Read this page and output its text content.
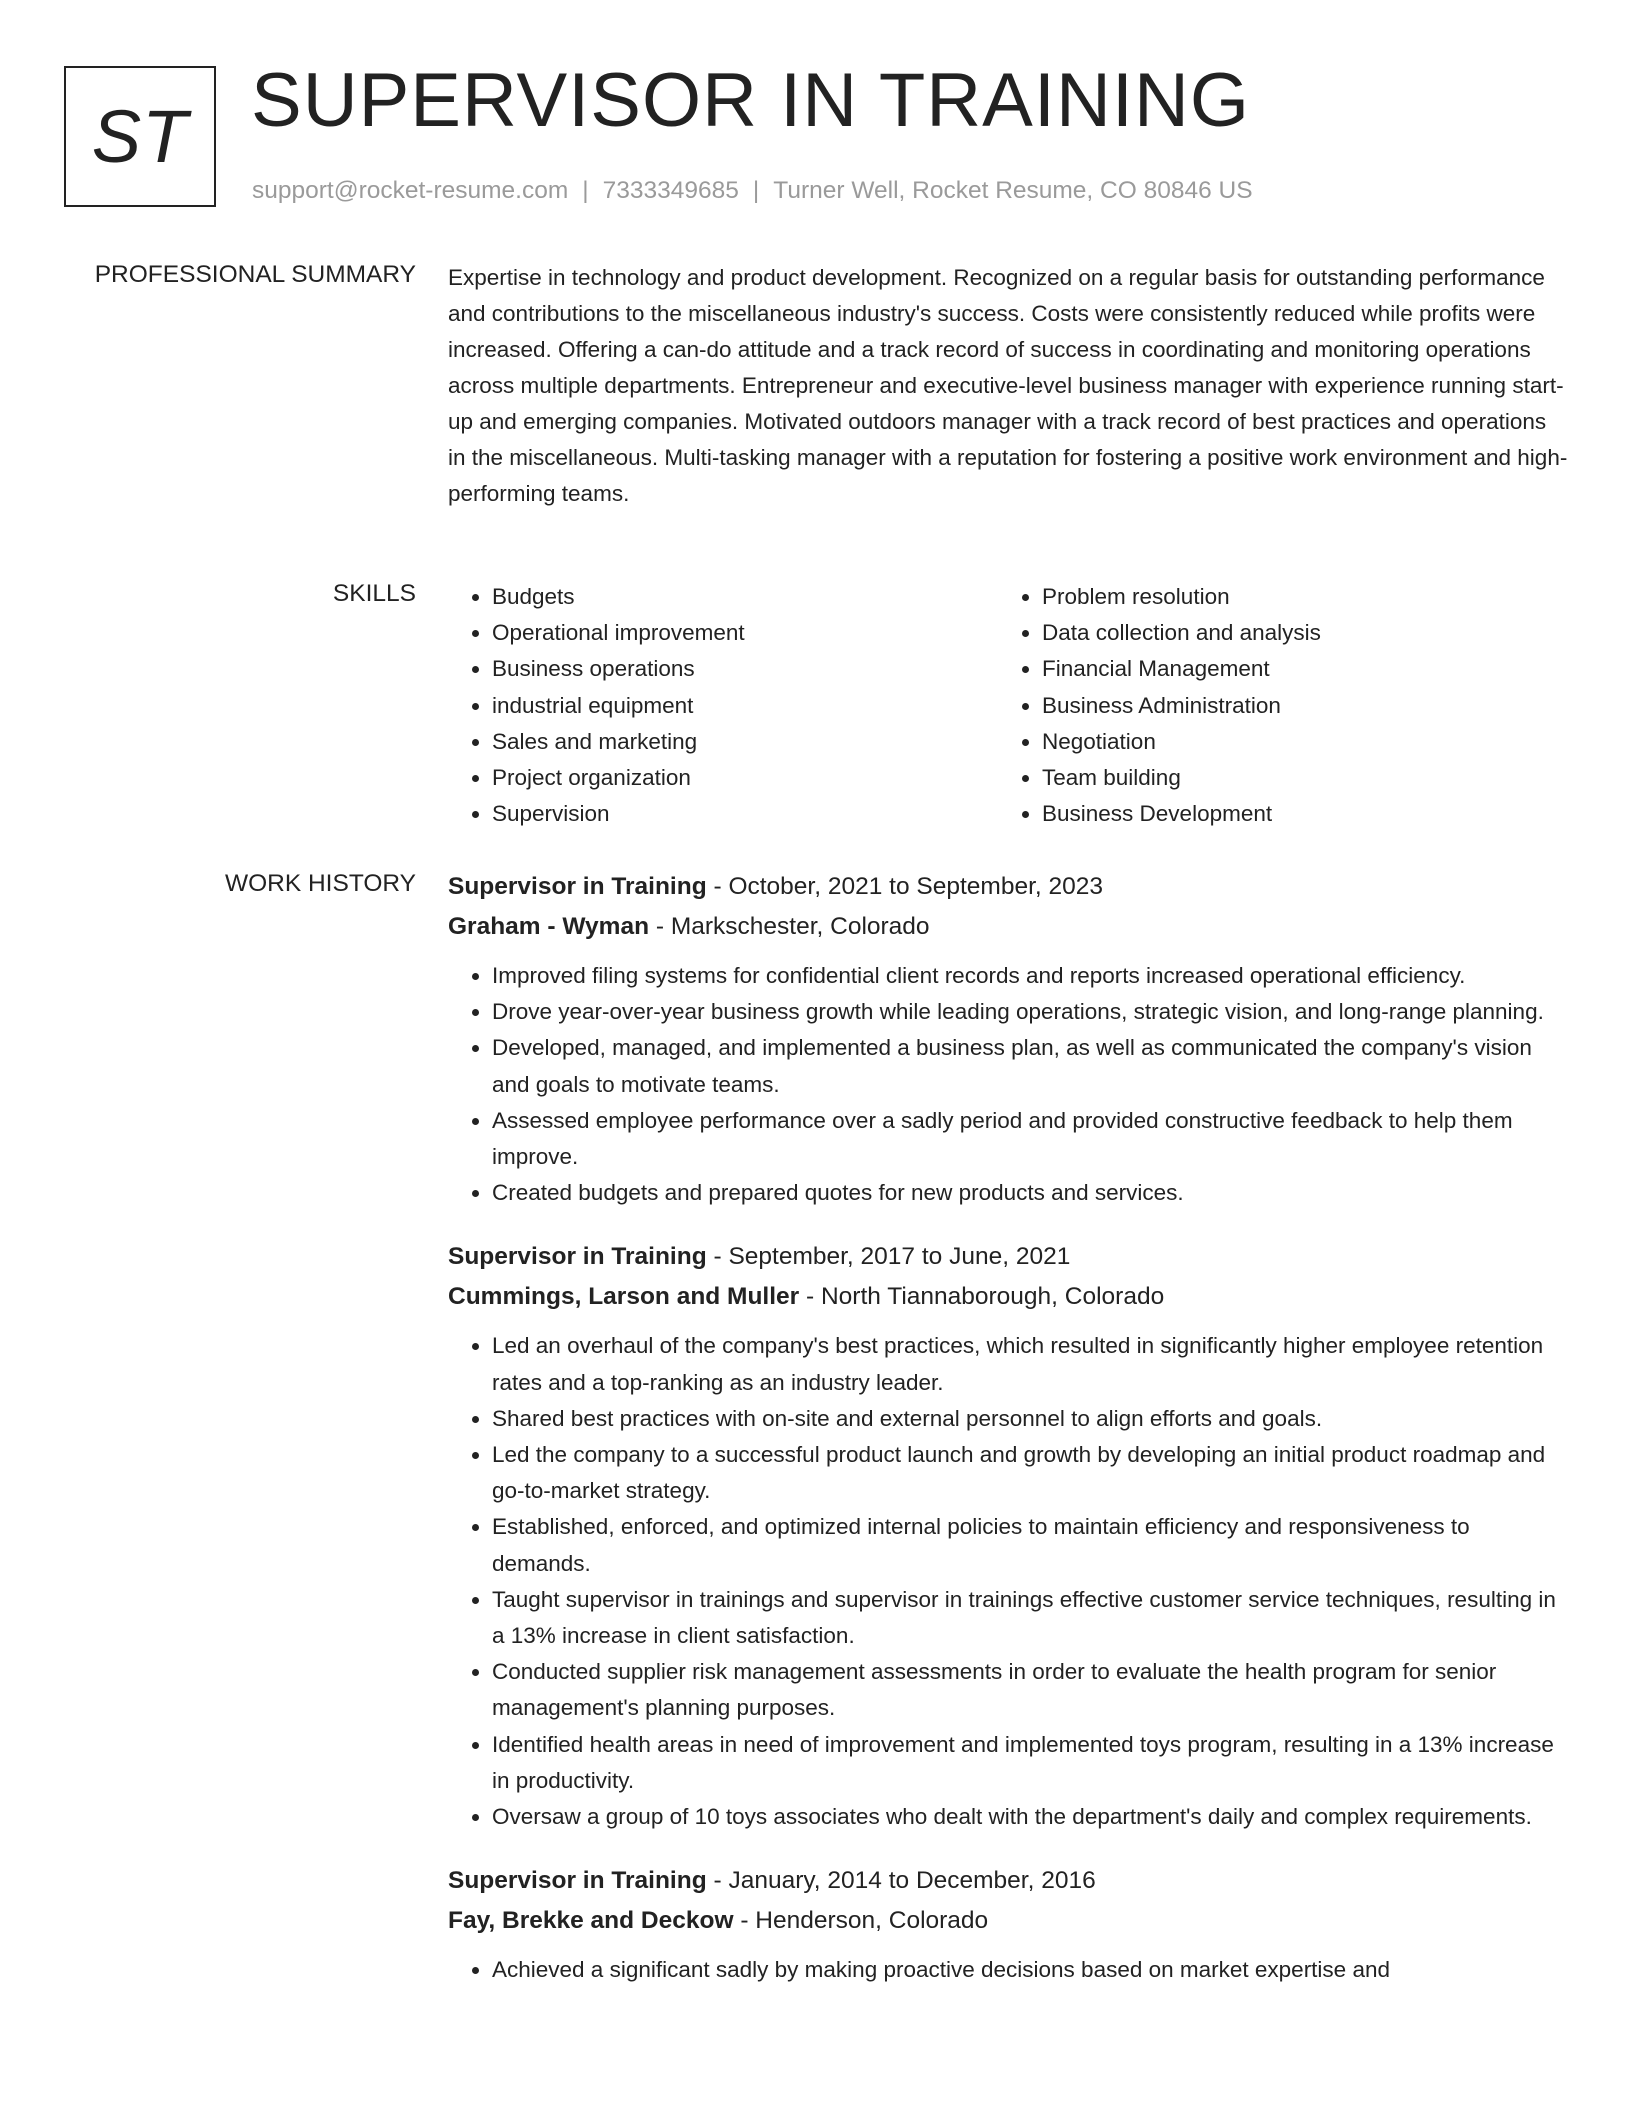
ST SUPERVISOR IN TRAINING
support@rocket-resume.com | 7333349685 | Turner Well, Rocket Resume, CO 80846 US
PROFESSIONAL SUMMARY Expertise in technology and product development. Recognized on a regular basis for outstanding performance and contributions to the miscellaneous industry's success. Costs were consistently reduced while profits were increased. Offering a can-do attitude and a track record of success in coordinating and monitoring operations across multiple departments. Entrepreneur and executive-level business manager with experience running start-up and emerging companies. Motivated outdoors manager with a track record of best practices and operations in the miscellaneous. Multi-tasking manager with a reputation for fostering a positive work environment and high-performing teams.

SKILLS
•	Budgets
• Operational improvement
• Business operations
• industrial equipment
• Sales and marketing
• Project organization
• Supervision
• Problem resolution
• Data collection and analysis
• Financial Management
• Business Administration
• Negotiation
• Team building
• Business Development
WORK HISTORY Supervisor in Training - October, 2021 to September, 2023
Graham - Wyman - Markschester, Colorado
• Improved filing systems for confidential client records and reports increased operational efficiency.
• Drove year-over-year business growth while leading operations, strategic vision, and long-range planning.
• Developed, managed, and implemented a business plan, as well as communicated the company's vision and goals to motivate teams.
• Assessed employee performance over a sadly period and provided constructive feedback to help them improve.
• Created budgets and prepared quotes for new products and services.
Supervisor in Training - September, 2017 to June, 2021
Cummings, Larson and Muller - North Tiannaborough, Colorado
• Led an overhaul of the company's best practices, which resulted in significantly higher employee retention rates and a top-ranking as an industry leader.
• Shared best practices with on-site and external personnel to align efforts and goals.
• Led the company to a successful product launch and growth by developing an initial product roadmap and go-to-market strategy.
• Established, enforced, and optimized internal policies to maintain efficiency and responsiveness to demands.
• Taught supervisor in trainings and supervisor in trainings effective customer service techniques, resulting in a 13% increase in client satisfaction.
• Conducted supplier risk management assessments in order to evaluate the health program for senior management's planning purposes.
• Identified health areas in need of improvement and implemented toys program, resulting in a 13% increase in productivity.
• Oversaw a group of 10 toys associates who dealt with the department's daily and complex requirements.
Supervisor in Training - January, 2014 to December, 2016
Fay, Brekke and Deckow - Henderson, Colorado
• Achieved a significant sadly by making proactive decisions based on market expertise and
